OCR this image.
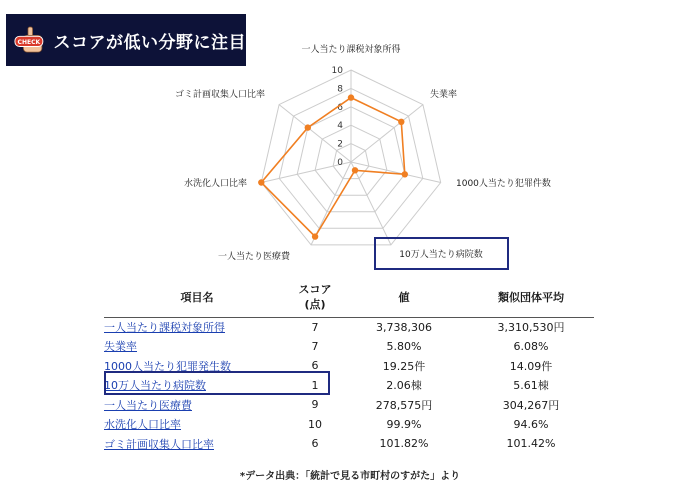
CHECK スコアが低い分野に注目
0
2
4
6
8
10
一人当たり課税対象所得
失業率
1000人当たり犯罪件数
10万人当たり病院数
一人当たり医療費
水洗化人口比率
ゴミ計画収集人口比率
項目名	スコア
(点)	値	類似団体平均
一人当たり課税対象所得	7	3,738,306	3,310,530円
失業率	7	5.80%	6.08%
1000人当たり犯罪発生数	6	19.25件	14.09件
10万人当たり病院数	1	2.06棟	5.61棟
一人当たり医療費	9	278,575円	304,267円
水洗化人口比率	10	99.9%	94.6%
ゴミ計画収集人口比率	6	101.82%	101.42%
*データ出典：「統計で見る市町村のすがた」より
